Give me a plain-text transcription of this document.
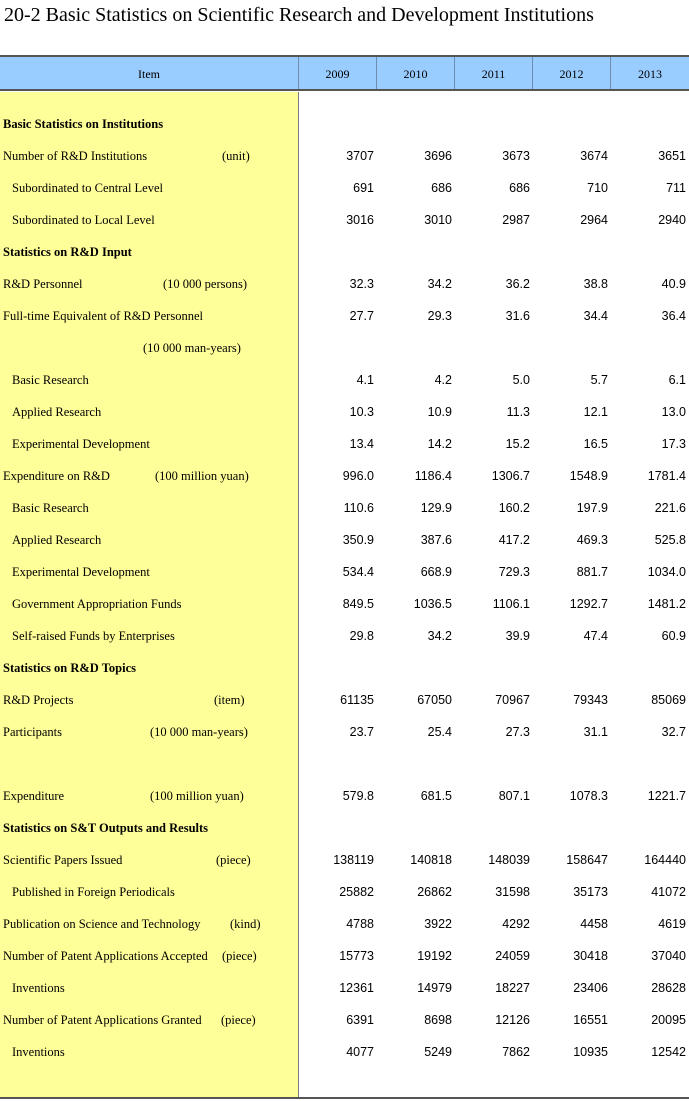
20-2 Basic Statistics on Scientific Research and Development Institutions
Item	2009	2010	2011	2012	2013
Basic Statistics on Institutions
Number of R&D Institutions	(unit)	3707	3696	3673	3674	3651
Subordinated to Central Level	691	686	686	710	711
Subordinated to Local Level	3016	3010	2987	2964	2940
Statistics on R&D Input
R&D Personnel	(10 000 persons)	32.3	34.2	36.2	38.8	40.9
Full-time Equivalent of R&D Personnel	27.7	29.3	31.6	34.4	36.4
(10 000 man-years)
Basic Research	4.1	4.2	5.0	5.7	6.1
Applied Research	10.3	10.9	11.3	12.1	13.0
Experimental Development	13.4	14.2	15.2	16.5	17.3
Expenditure on R&D	(100 million yuan)	996.0	1186.4	1306.7	1548.9	1781.4
Basic Research	110.6	129.9	160.2	197.9	221.6
Applied Research	350.9	387.6	417.2	469.3	525.8
Experimental Development	534.4	668.9	729.3	881.7	1034.0
Government Appropriation Funds	849.5	1036.5	1106.1	1292.7	1481.2
Self-raised Funds by Enterprises	29.8	34.2	39.9	47.4	60.9
Statistics on R&D Topics
R&D Projects	(item)	61135	67050	70967	79343	85069
Participants	(10 000 man-years)	23.7	25.4	27.3	31.1	32.7
Expenditure	(100 million yuan)	579.8	681.5	807.1	1078.3	1221.7
Statistics on S&T Outputs and Results
Scientific Papers Issued	(piece)	138119	140818	148039	158647	164440
Published in Foreign Periodicals	25882	26862	31598	35173	41072
Publication on Science and Technology (kind)	4788	3922	4292	4458	4619
Number of Patent Applications Accepted (piece)	15773	19192	24059	30418	37040
Inventions	12361	14979	18227	23406	28628
Number of Patent Applications Granted (piece)	6391	8698	12126	16551	20095
Inventions	4077	5249	7862	10935	12542
